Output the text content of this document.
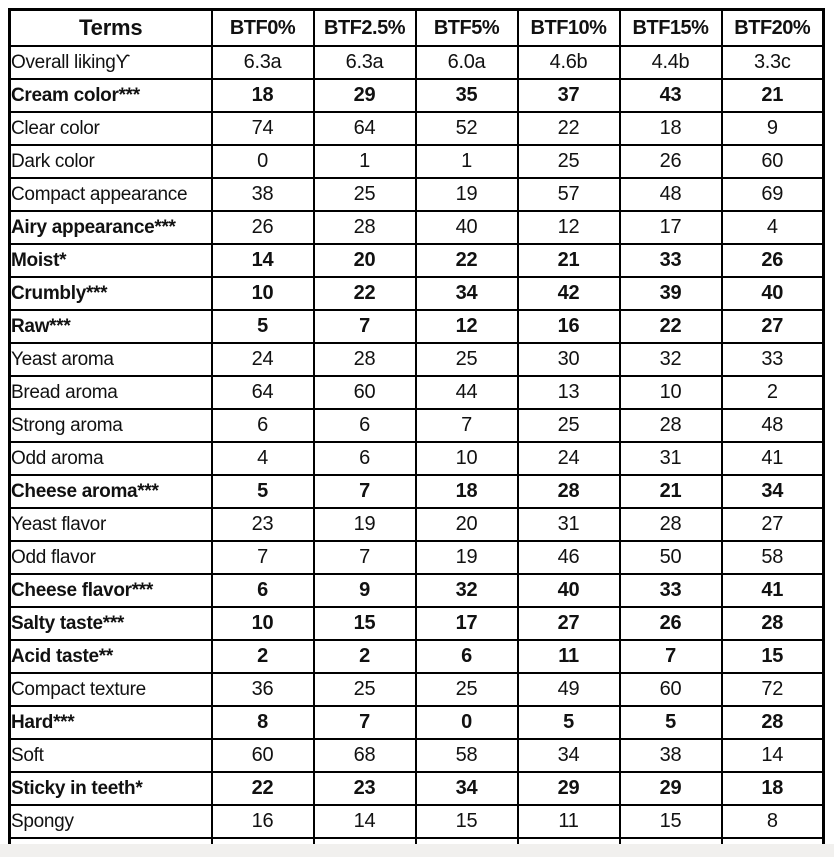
Terms	BTF0%	BTF2.5%	BTF5%	BTF10%	BTF15%	BTF20%
Overall likingϒ	6.3a	6.3a	6.0a	4.6b	4.4b	3.3c
Cream color***	18	29	35	37	43	21
Clear color	74	64	52	22	18	9
Dark color	0	1	1	25	26	60
Compact appearance	38	25	19	57	48	69
Airy appearance***	26	28	40	12	17	4
Moist*	14	20	22	21	33	26
Crumbly***	10	22	34	42	39	40
Raw***	5	7	12	16	22	27
Yeast aroma	24	28	25	30	32	33
Bread aroma	64	60	44	13	10	2
Strong aroma	6	6	7	25	28	48
Odd aroma	4	6	10	24	31	41
Cheese aroma***	5	7	18	28	21	34
Yeast flavor	23	19	20	31	28	27
Odd flavor	7	7	19	46	50	58
Cheese flavor***	6	9	32	40	33	41
Salty taste***	10	15	17	27	26	28
Acid taste**	2	2	6	11	7	15
Compact texture	36	25	25	49	60	72
Hard***	8	7	0	5	5	28
Soft	60	68	58	34	38	14
Sticky in teeth*	22	23	34	29	29	18
Spongy	16	14	15	11	15	8
